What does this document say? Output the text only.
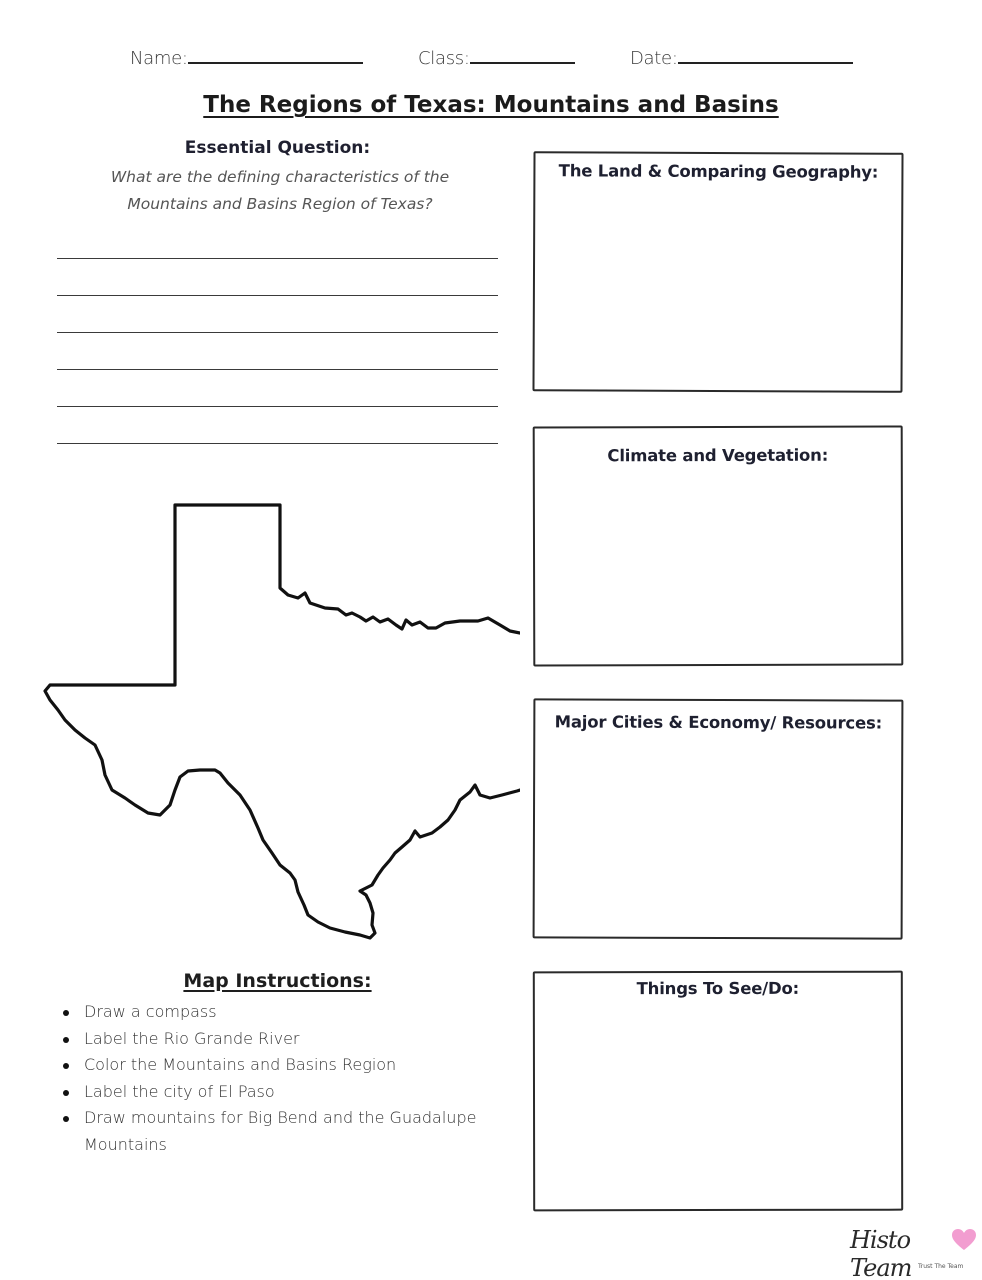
Name:	Class:	Date:
The Regions of Texas: Mountains and Basins
Essential Question:
What are the defining characteristics of the Mountains and Basins Region of Texas?
The Land & Comparing Geography:
Climate and Vegetation:
Major Cities & Economy/ Resources:
Things To See/Do:
Map Instructions:
Draw a compass
Label the Rio Grande River
Color the Mountains and Basins Region
Label the city of El Paso
Draw mountains for Big Bend and the Guadalupe Mountains
Histo Team	Trust The Team
